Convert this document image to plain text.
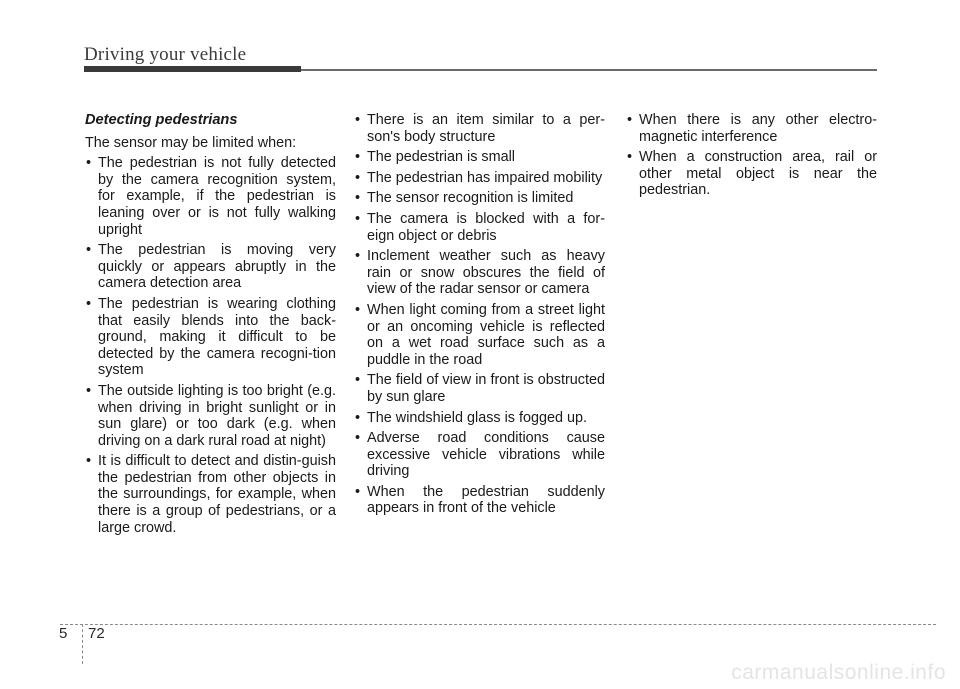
Driving your vehicle
Detecting pedestrians
The sensor may be limited when:
• The pedestrian is not fully detected by the camera recognition system, for example, if the pedestrian is leaning over or is not fully walking upright
• The pedestrian is moving very quickly or appears abruptly in the camera detection area
• The pedestrian is wearing clothing that easily blends into the back-ground, making it difficult to be detected by the camera recogni-tion system
• The outside lighting is too bright (e.g. when driving in bright sunlight or in sun glare) or too dark (e.g. when driving on a dark rural road at night)
• It is difficult to detect and distin-guish the pedestrian from other objects in the surroundings, for example, when there is a group of pedestrians, or a large crowd.
• There is an item similar to a per-son's body structure
• The pedestrian is small
• The pedestrian has impaired mobility
• The sensor recognition is limited
• The camera is blocked with a for-eign object or debris
• Inclement weather such as heavy rain or snow obscures the field of view of the radar sensor or camera
• When light coming from a street light or an oncoming vehicle is reflected on a wet road surface such as a puddle in the road
• The field of view in front is obstructed by sun glare
• The windshield glass is fogged up.
• Adverse road conditions cause excessive vehicle vibrations while driving
• When the pedestrian suddenly appears in front of the vehicle
• When there is any other electro-magnetic interference
• When a construction area, rail or other metal object is near the pedestrian.
5 72
carmanualsonline.info
